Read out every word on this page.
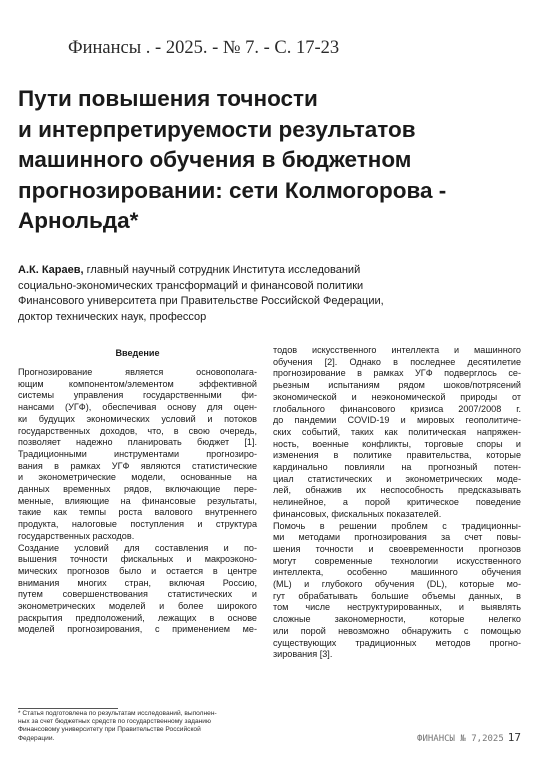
Финансы . - 2025. - № 7. - С. 17-23
Пути повышения точности
и интерпретируемости результатов
машинного обучения в бюджетном
прогнозировании: сети Колмогорова -
Арнольда*
А.К. Караев, главный научный сотрудник Института исследований
социально-экономических трансформаций и финансовой политики
Финансового университета при Правительстве Российской Федерации,
доктор технических наук, профессор
Введение
Прогнозирование является основополага-
ющим компонентом/элементом эффективной
системы управления государственными фи-
нансами (УГФ), обеспечивая основу для оцен-
ки будущих экономических условий и потоков
государственных доходов, что, в свою очередь,
позволяет надежно планировать бюджет [1].
Традиционными инструментами прогнозиро-
вания в рамках УГФ являются статистические
и эконометрические модели, основанные на
данных временных рядов, включающие пере-
менные, влияющие на финансовые результаты,
такие как темпы роста валового внутреннего
продукта, налоговые поступления и структура
государственных расходов.
Создание условий для составления и по-
вышения точности фискальных и макроэконо-
мических прогнозов было и остается в центре
внимания многих стран, включая Россию,
путем совершенствования статистических и
эконометрических моделей и более широкого
раскрытия предположений, лежащих в основе
моделей прогнозирования, с применением ме-
* Статья подготовлена по результатам исследований, выполнен-
ных за счет бюджетных средств по государственному заданию
Финансовому университету при Правительстве Российской
Федерации.
тодов искусственного интеллекта и машинного
обучения [2]. Однако в последнее десятилетие
прогнозирование в рамках УГФ подверглось се-
рьезным испытаниям рядом шоков/потрясений
экономической и неэкономической природы от
глобального финансового кризиса 2007/2008 г.
до пандемии COVID-19 и мировых геополитиче-
ских событий, таких как политическая напряжен-
ность, военные конфликты, торговые споры и
изменения в политике правительства, которые
кардинально повлияли на прогнозный потен-
циал статистических и эконометрических моде-
лей, обнажив их неспособность предсказывать
нелинейное, а порой критическое поведение
финансовых, фискальных показателей.
Помочь в решении проблем с традиционны-
ми методами прогнозирования за счет повы-
шения точности и своевременности прогнозов
могут современные технологии искусственного
интеллекта, особенно машинного обучения
(ML) и глубокого обучения (DL), которые мо-
гут обрабатывать большие объемы данных, в
том числе неструктурированных, и выявлять
сложные закономерности, которые нелегко
или порой невозможно обнаружить с помощью
существующих традиционных методов прогно-
зирования [3].
ФИНАНСЫ № 7,2025 17
